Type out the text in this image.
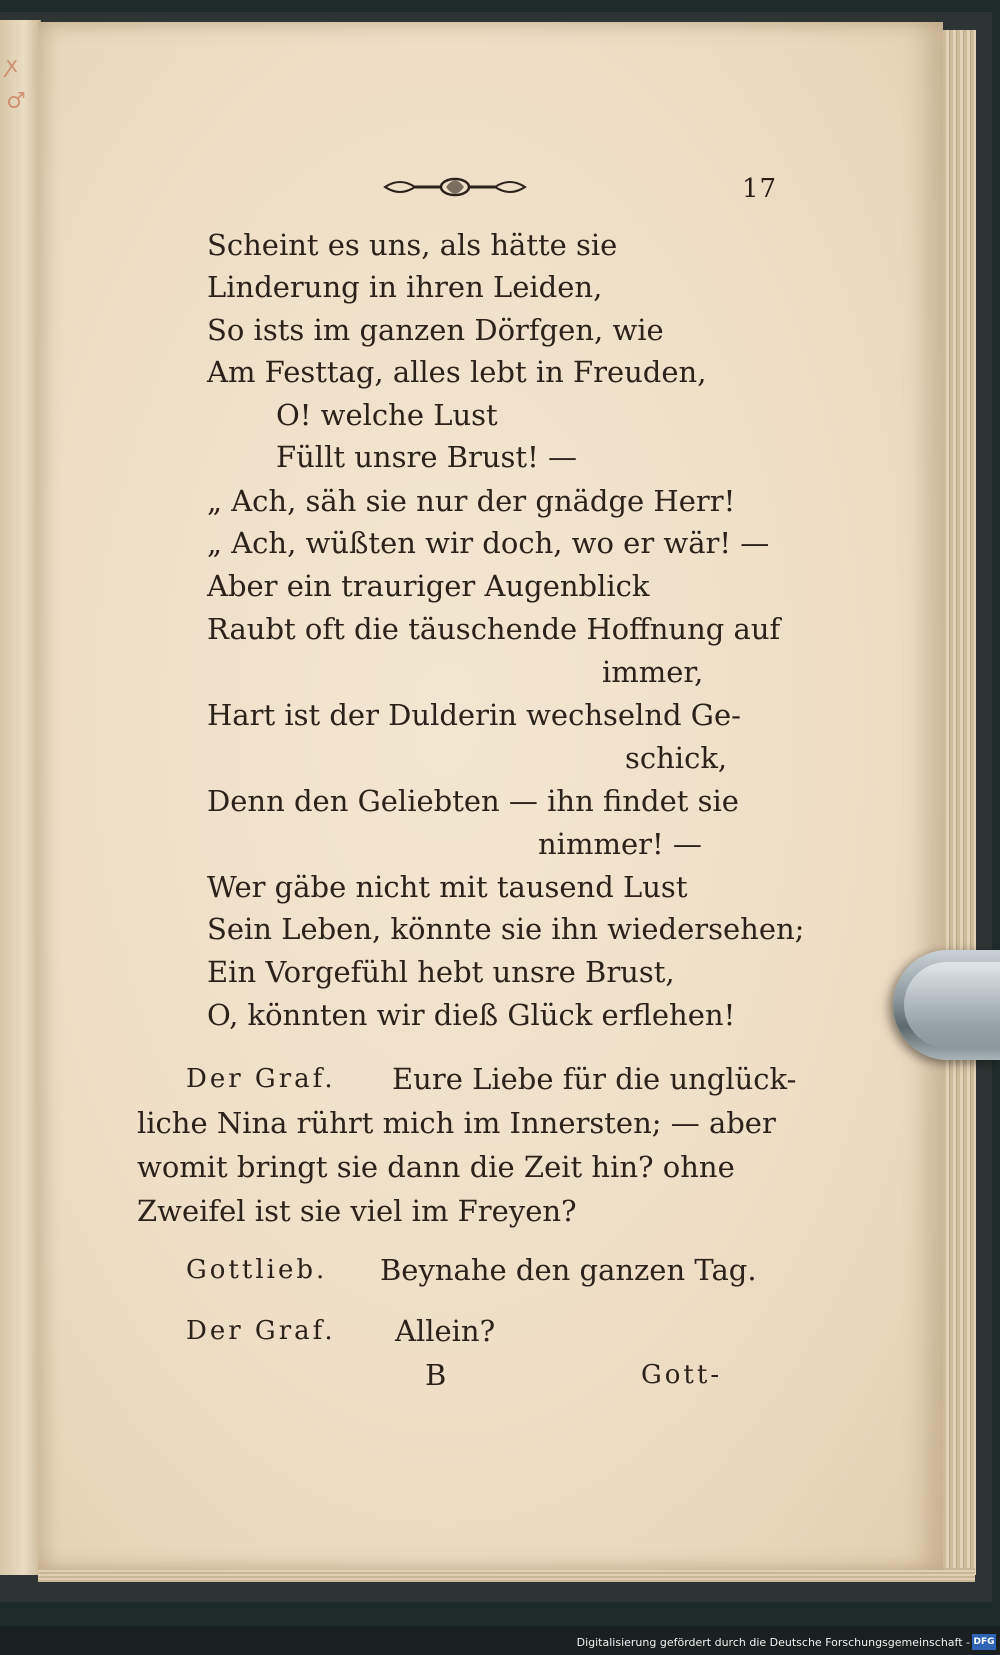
ꭗ
♂
17
Scheint es uns, als hätte sie
Linderung in ihren Leiden,
So ists im ganzen Dörfgen, wie
Am Festtag, alles lebt in Freuden,
O! welche Lust
Füllt unsre Brust! —
„ Ach, säh sie nur der gnädge Herr!
„ Ach, wüßten wir doch, wo er wär! —
Aber ein trauriger Augenblick
Raubt oft die täuschende Hoffnung auf
immer,
Hart ist der Dulderin wechselnd Ge-
schick,
Denn den Geliebten — ihn findet sie
nimmer! —
Wer gäbe nicht mit tausend Lust
Sein Leben, könnte sie ihn wiedersehen;
Ein Vorgefühl hebt unsre Brust,
O, könnten wir dieß Glück erflehen!
Der Graf. Eure Liebe für die unglück-
liche Nina rührt mich im Innersten; — aber
womit bringt sie dann die Zeit hin? ohne
Zweifel ist sie viel im Freyen?
Gottlieb. Beynahe den ganzen Tag.
Der Graf. Allein?
B	Gott-
Digitalisierung gefördert durch die Deutsche Forschungsgemeinschaft - DFG
